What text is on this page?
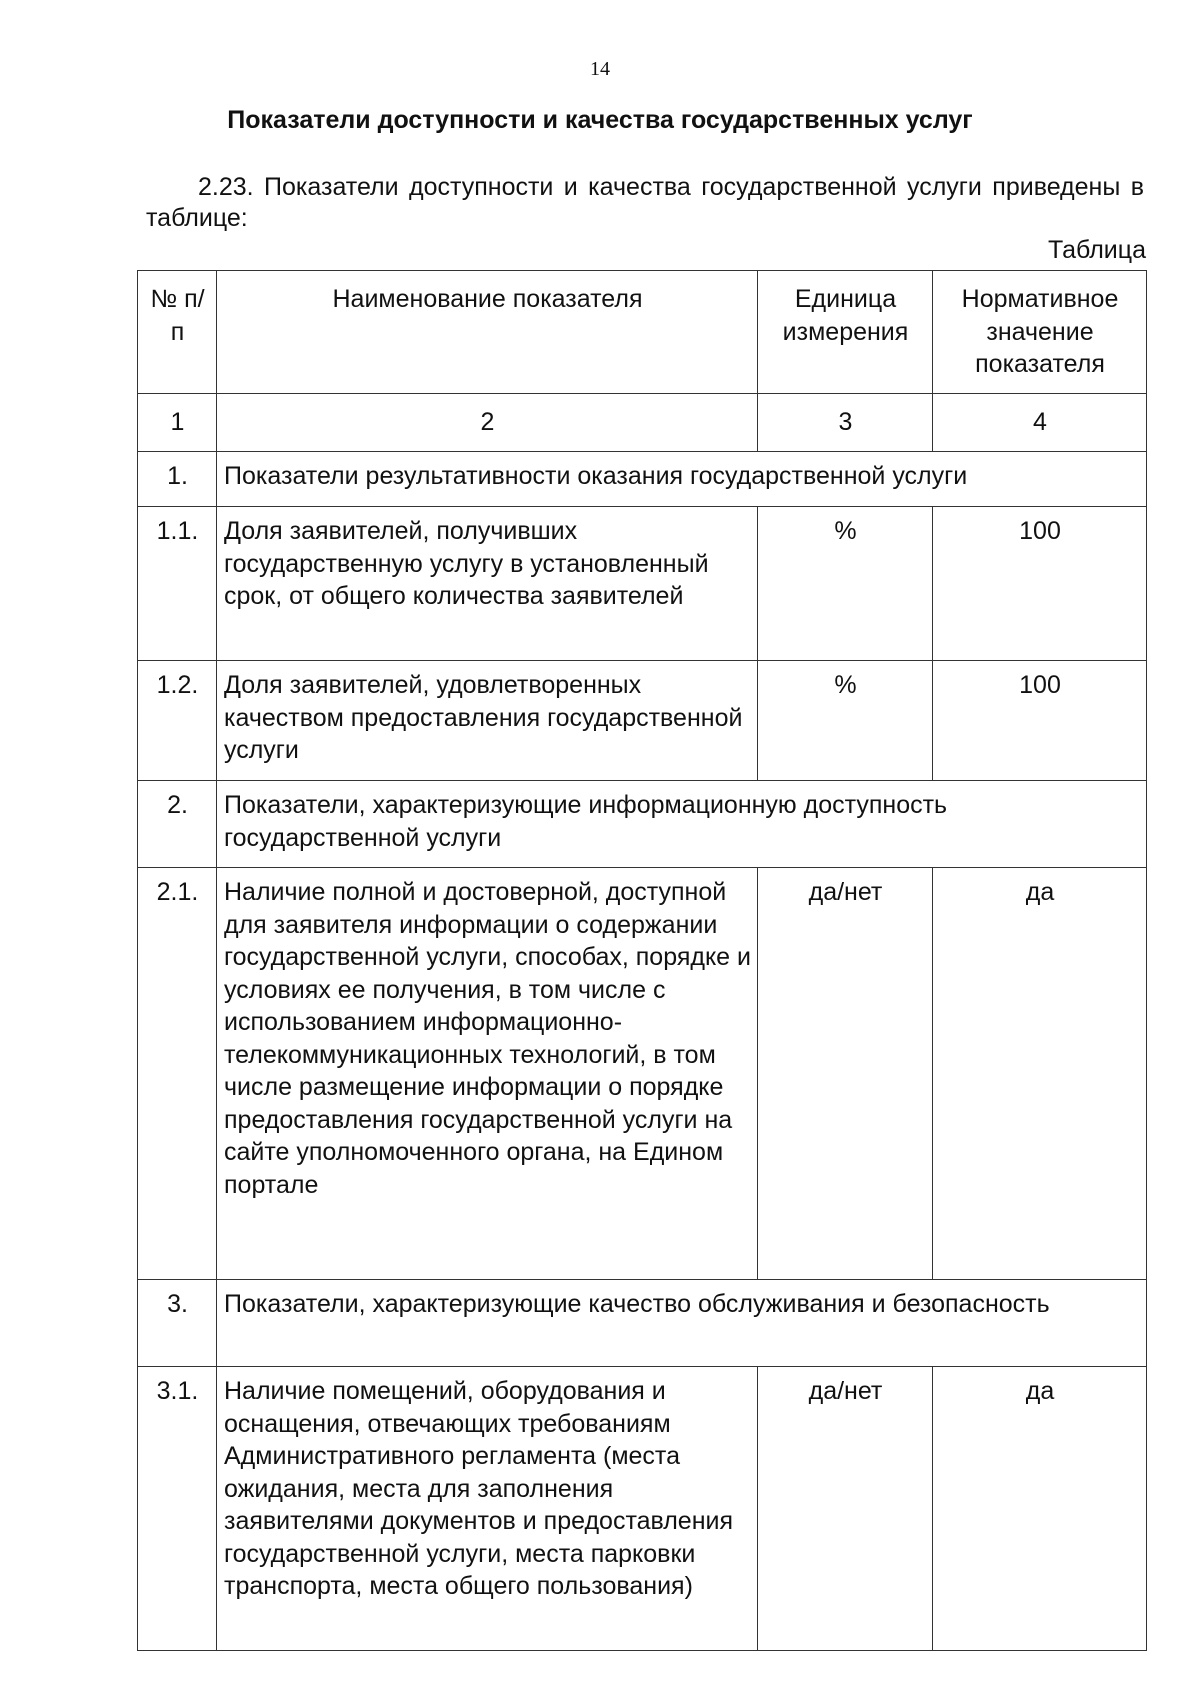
14
Показатели доступности и качества государственных услуг

2.23. Показатели доступности и качества государственной услуги приведены в таблице:

Таблица
№ п/п	Наименование показателя	Единица измерения	Нормативное значение показателя
1	2	3	4
1.	Показатели результативности оказания государственной услуги		
1.1.	Доля заявителей, получивших государственную услугу в установленный срок, от общего количества заявителей	%	100
1.2.	Доля заявителей, удовлетворенных качеством предоставления государственной услуги	%	100
2.	Показатели, характеризующие информационную доступность государственной услуги		
2.1.	Наличие полной и достоверной, доступной для заявителя информации о содержании государственной услуги, способах, порядке и условиях ее получения, в том числе с использованием информационно-телекоммуникационных технологий, в том числе размещение информации о порядке предоставления государственной услуги на сайте уполномоченного органа, на Едином портале	да/нет	да
3.	Показатели, характеризующие качество обслуживания и безопасность		
3.1.	Наличие помещений, оборудования и оснащения, отвечающих требованиям Административного регламента (места ожидания, места для заполнения заявителями документов и предоставления государственной услуги, места парковки транспорта, места общего пользования)	да/нет	да
